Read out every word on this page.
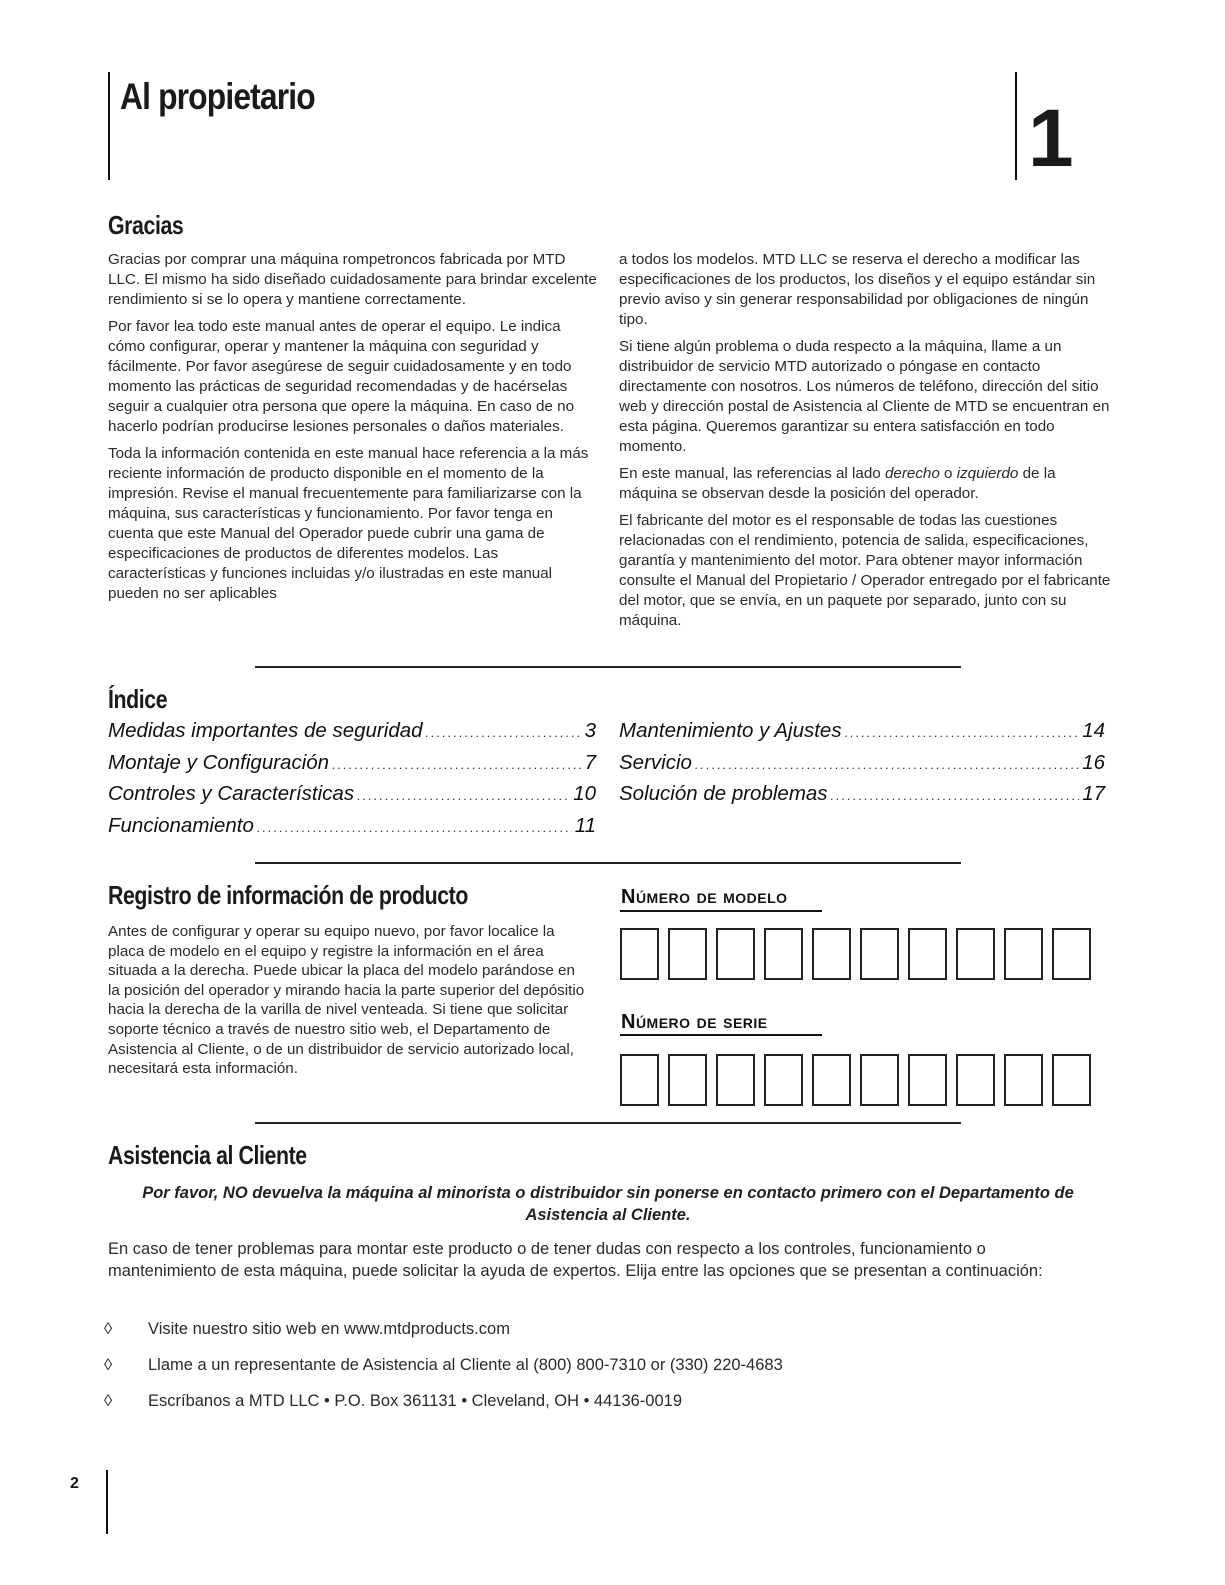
Al propietario	1
Gracias

Gracias por comprar una máquina rompetroncos fabricada por MTD LLC. El mismo ha sido diseñado cuidadosamente para brindar excelente rendimiento si se lo opera y mantiene correctamente.

Por favor lea todo este manual antes de operar el equipo. Le indica cómo configurar, operar y mantener la máquina con seguridad y fácilmente. Por favor asegúrese de seguir cuidadosamente y en todo momento las prácticas de seguridad recomendadas y de hacérselas seguir a cualquier otra persona que opere la máquina. En caso de no hacerlo podrían producirse lesiones personales o daños materiales.

Toda la información contenida en este manual hace referencia a la más reciente información de producto disponible en el momento de la impresión. Revise el manual frecuentemente para familiarizarse con la máquina, sus características y funcionamiento. Por favor tenga en cuenta que este Manual del Operador puede cubrir una gama de especificaciones de productos de diferentes modelos. Las características y funciones incluidas y/o ilustradas en este manual pueden no ser aplicables

a todos los modelos. MTD LLC se reserva el derecho a modificar las especificaciones de los productos, los diseños y el equipo estándar sin previo aviso y sin generar responsabilidad por obligaciones de ningún tipo.

Si tiene algún problema o duda respecto a la máquina, llame a un distribuidor de servicio MTD autorizado o póngase en contacto directamente con nosotros. Los números de teléfono, dirección del sitio web y dirección postal de Asistencia al Cliente de MTD se encuentran en esta página. Queremos garantizar su entera satisfacción en todo momento.

En este manual, las referencias al lado derecho o izquierdo de la máquina se observan desde la posición del operador.

El fabricante del motor es el responsable de todas las cuestiones relacionadas con el rendimiento, potencia de salida, especificaciones, garantía y mantenimiento del motor. Para obtener mayor información consulte el Manual del Propietario / Operador entregado por el fabricante del motor, que se envía, en un paquete por separado, junto con su máquina.

Índice
Medidas importantes de seguridad .....	3
Montaje y Configuración .....	7
Controles y Características .....	10
Funcionamiento .....	11
Mantenimiento y Ajustes .....	14
Servicio .....	16
Solución de problemas .....	17
Registro de información de producto
Antes de configurar y operar su equipo nuevo, por favor localice la placa de modelo en el equipo y registre la información en el área situada a la derecha. Puede ubicar la placa del modelo parándose en la posición del operador y mirando hacia la parte superior del depósitio hacia la derecha de la varilla de nivel venteada. Si tiene que solicitar soporte técnico a través de nuestro sitio web, el Departamento de Asistencia al Cliente, o de un distribuidor de servicio autorizado local, necesitará esta información.
Número de modelo
Número de serie
Asistencia al Cliente
Por favor, NO devuelva la máquina al minorista o distribuidor sin ponerse en contacto primero con el Departamento de Asistencia al Cliente.
En caso de tener problemas para montar este producto o de tener dudas con respecto a los controles, funcionamiento o mantenimiento de esta máquina, puede solicitar la ayuda de expertos. Elija entre las opciones que se presentan a continuación:
◊	Visite nuestro sitio web en www.mtdproducts.com
◊	Llame a un representante de Asistencia al Cliente al (800) 800-7310 or (330) 220-4683
◊	Escríbanos a MTD LLC • P.O. Box 361131 • Cleveland, OH • 44136-0019
2
